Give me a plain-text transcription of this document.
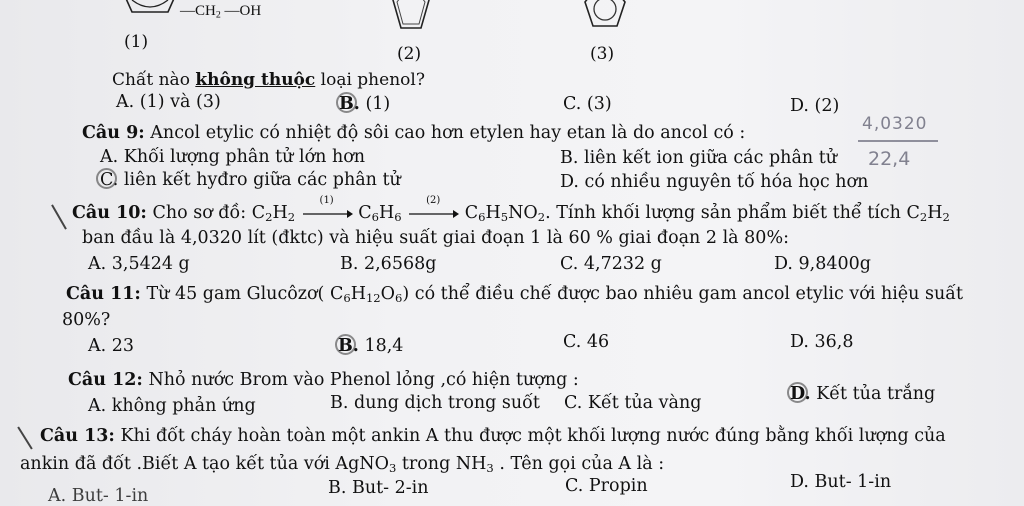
$—CH_2$ —OH
(1)
(2)	(3)
Chất nào không thuộc loại phenol?
A. (1) và (3)	B. (1)	C. (3)	D. (2)
Câu 9: Ancol etylic có nhiệt độ sôi cao hơn etylen hay etan là do ancol có :	4,0320
22,4
A. Khối lượng phân tử lớn hơn	B. liên kết ion giữa các phân tử
C. liên kết hyđro giữa các phân tử	D. có nhiều nguyên tố hóa học hơn
Câu 10: Cho sơ đồ: $C_2H_2$
(1)
$C_6H_6$
(2)
$C_6H_5NO_2$. Tính khối lượng sản phẩm biết thể tích $C_2H_2$
ban đầu là 4,0320 lít (đktc) và hiệu suất giai đoạn 1 là 60 % giai đoạn 2 là 80%:
A. 3,5424 g	B. 2,6568g	C. 4,7232 g	D. 9,8400g
Câu 11: Từ 45 gam Glucôzơ( $C_6H_{12}O_6$) có thể điều chế được bao nhiêu gam ancol etylic với hiệu suất
80%?
A. 23	B. 18,4	C. 46	D. 36,8
Câu 12: Nhỏ nước Brom vào Phenol lỏng ,có hiện tượng :
A. không phản ứng	B. dung dịch trong suốt C. Kết tủa vàng	D. Kết tủa trắng
Câu 13: Khi đốt cháy hoàn toàn một ankin A thu được một khối lượng nước đúng bằng khối lượng của
ankin đã đốt .Biết A tạo kết tủa với AgNO$_3$ trong $NH_3$ . Tên gọi của A là :
A. But- 1-in	B. But- 2-in	C. Propin	D. But- 1-in
